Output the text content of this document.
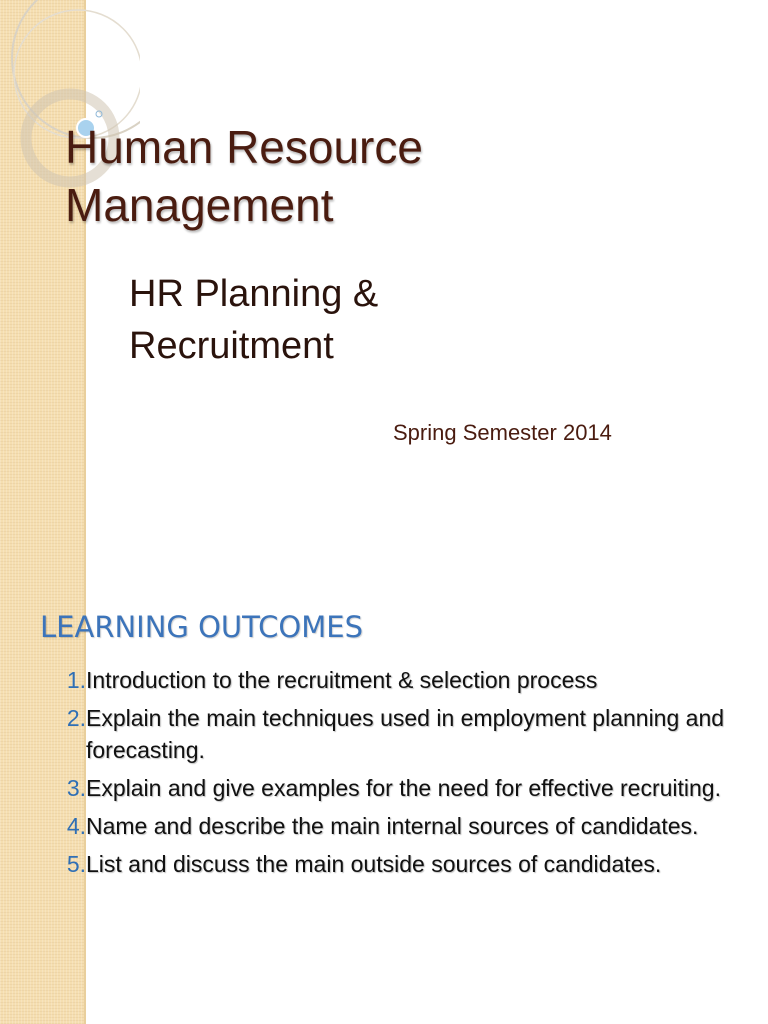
Human Resource
Management
HR Planning &
Recruitment
Spring Semester 2014
LEARNING OUTCOMES
1. Introduction to the recruitment & selection process
2. Explain the main techniques used in employment planning and forecasting.
3. Explain and give examples for the need for effective recruiting.
4. Name and describe the main internal sources of candidates.
5. List and discuss the main outside sources of candidates.
